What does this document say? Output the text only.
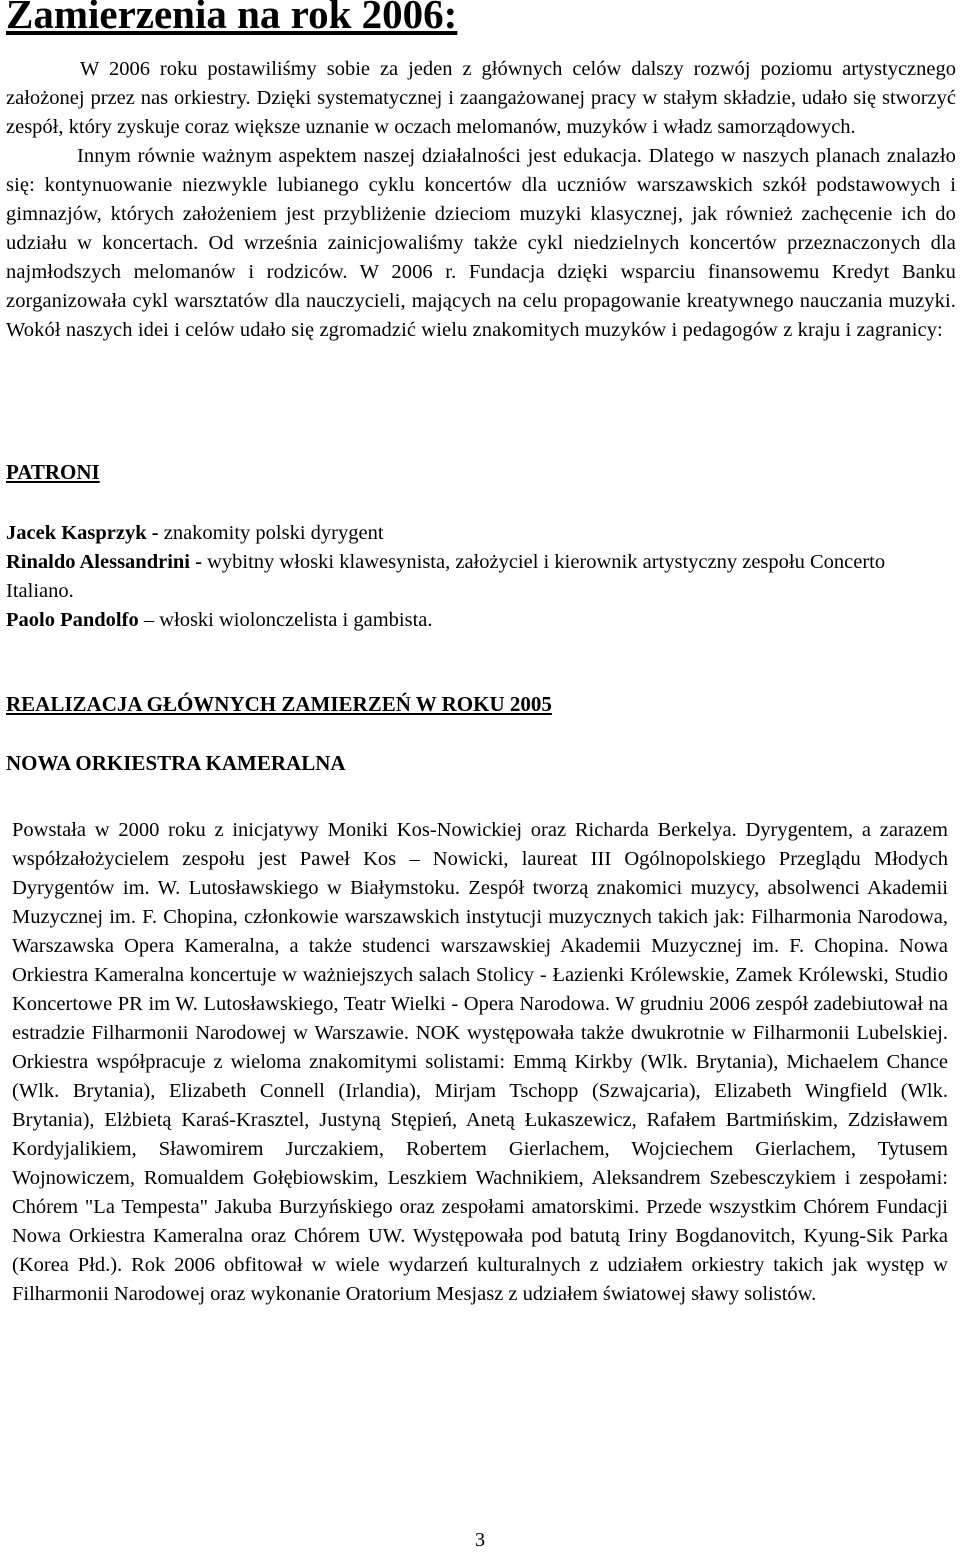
Zamierzenia na rok 2006:

W 2006 roku postawiliśmy sobie za jeden z głównych celów dalszy rozwój poziomu artystycznego założonej przez nas orkiestry. Dzięki systematycznej i zaangażowanej pracy w stałym składzie, udało się stworzyć zespół, który zyskuje coraz większe uznanie w oczach melomanów, muzyków i władz samorządowych.

Innym równie ważnym aspektem naszej działalności jest edukacja. Dlatego w naszych planach znalazło się: kontynuowanie niezwykle lubianego cyklu koncertów dla uczniów warszawskich szkół podstawowych i gimnazjów, których założeniem jest przybliżenie dzieciom muzyki klasycznej, jak również zachęcenie ich do udziału w koncertach. Od września zainicjowaliśmy także cykl niedzielnych koncertów przeznaczonych dla najmłodszych melomanów i rodziców. W 2006 r. Fundacja dzięki wsparciu finansowemu Kredyt Banku zorganizowała cykl warsztatów dla nauczycieli, mających na celu propagowanie kreatywnego nauczania muzyki. Wokół naszych idei i celów udało się zgromadzić wielu znakomitych muzyków i pedagogów z kraju i zagranicy:

PATRONI

Jacek Kasprzyk - znakomity polski dyrygent

Rinaldo Alessandrini - wybitny włoski klawesynista, założyciel i kierownik artystyczny zespołu Concerto Italiano.

Paolo Pandolfo – włoski wiolonczelista i gambista.

REALIZACJA GŁÓWNYCH ZAMIERZEŃ W ROKU 2005
NOWA ORKIESTRA KAMERALNA

Powstała w 2000 roku z inicjatywy Moniki Kos-Nowickiej oraz Richarda Berkelya. Dyrygentem, a zarazem współzałożycielem zespołu jest Paweł Kos – Nowicki, laureat III Ogólnopolskiego Przeglądu Młodych Dyrygentów im. W. Lutosławskiego w Białymstoku. Zespół tworzą znakomici muzycy, absolwenci Akademii Muzycznej im. F. Chopina, członkowie warszawskich instytucji muzycznych takich jak: Filharmonia Narodowa, Warszawska Opera Kameralna, a także studenci warszawskiej Akademii Muzycznej im. F. Chopina. Nowa Orkiestra Kameralna koncertuje w ważniejszych salach Stolicy - Łazienki Królewskie, Zamek Królewski, Studio Koncertowe PR im W. Lutosławskiego, Teatr Wielki - Opera Narodowa. W grudniu 2006 zespół zadebiutował na estradzie Filharmonii Narodowej w Warszawie. NOK występowała także dwukrotnie w Filharmonii Lubelskiej. Orkiestra współpracuje z wieloma znakomitymi solistami: Emmą Kirkby (Wlk. Brytania), Michaelem Chance (Wlk. Brytania), Elizabeth Connell (Irlandia), Mirjam Tschopp (Szwajcaria), Elizabeth Wingfield (Wlk. Brytania), Elżbietą Karaś-Krasztel, Justyną Stępień, Anetą Łukaszewicz, Rafałem Bartmińskim, Zdzisławem Kordyjalikiem, Sławomirem Jurczakiem, Robertem Gierlachem, Wojciechem Gierlachem, Tytusem Wojnowiczem, Romualdem Gołębiowskim, Leszkiem Wachnikiem, Aleksandrem Szebesczykiem i zespołami: Chórem "La Tempesta" Jakuba Burzyńskiego oraz zespołami amatorskimi. Przede wszystkim Chórem Fundacji Nowa Orkiestra Kameralna oraz Chórem UW. Występowała pod batutą Iriny Bogdanovitch, Kyung-Sik Parka (Korea Płd.). Rok 2006 obfitował w wiele wydarzeń kulturalnych z udziałem orkiestry takich jak występ w Filharmonii Narodowej oraz wykonanie Oratorium Mesjasz z udziałem światowej sławy solistów.

3
